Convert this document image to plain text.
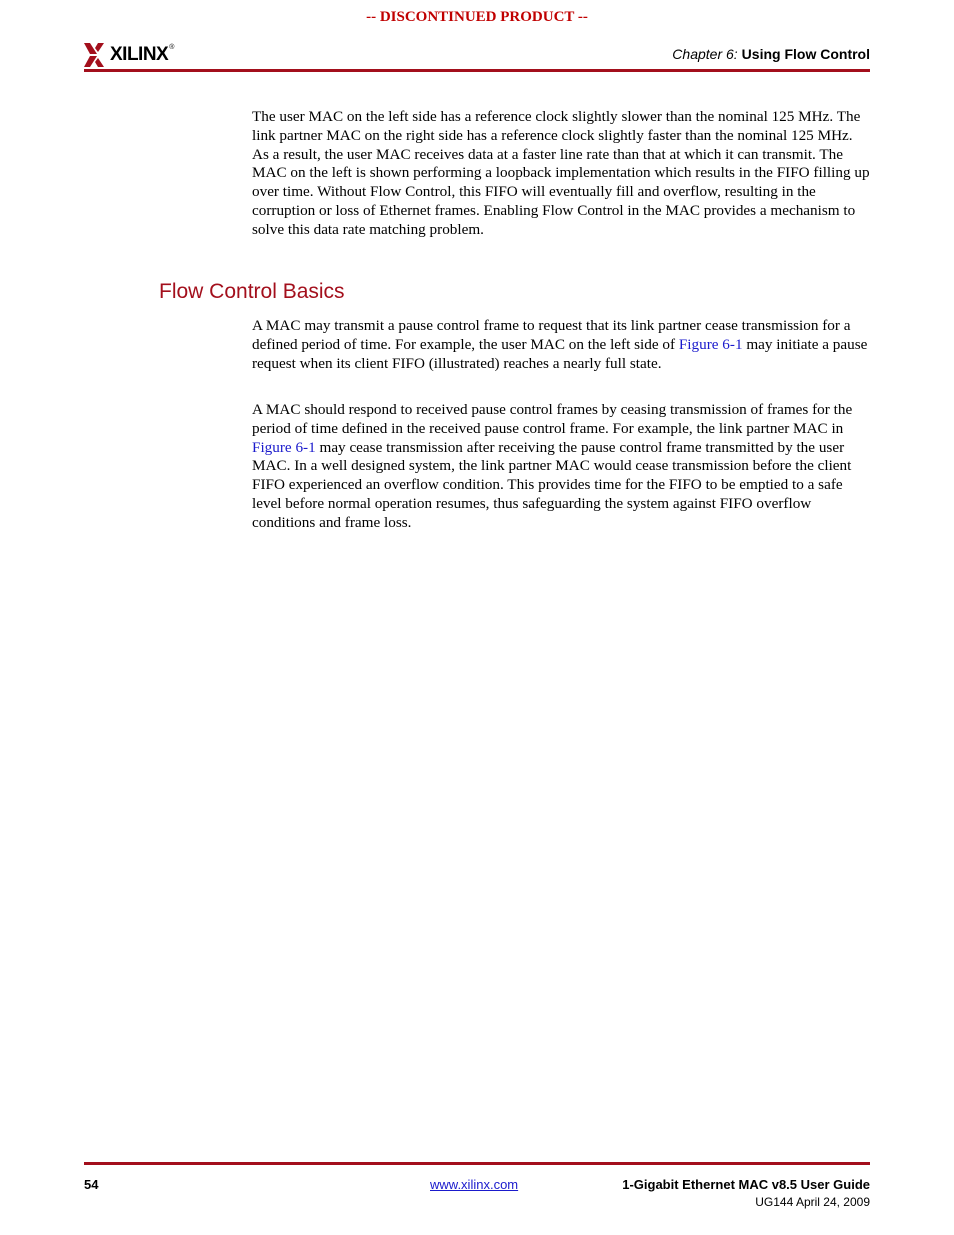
-- DISCONTINUED PRODUCT --
XILINX ®	Chapter 6: Using Flow Control

The user MAC on the left side has a reference clock slightly slower than the nominal 125 MHz. The link partner MAC on the right side has a reference clock slightly faster than the nominal 125 MHz. As a result, the user MAC receives data at a faster line rate than that at which it can transmit. The MAC on the left is shown performing a loopback implementation which results in the FIFO filling up over time. Without Flow Control, this FIFO will eventually fill and overflow, resulting in the corruption or loss of Ethernet frames. Enabling Flow Control in the MAC provides a mechanism to solve this data rate matching problem.

Flow Control Basics

A MAC may transmit a pause control frame to request that its link partner cease transmission for a defined period of time. For example, the user MAC on the left side of Figure 6-1 may initiate a pause request when its client FIFO (illustrated) reaches a nearly full state.

A MAC should respond to received pause control frames by ceasing transmission of frames for the period of time defined in the received pause control frame. For example, the link partner MAC in Figure 6-1 may cease transmission after receiving the pause control frame transmitted by the user MAC. In a well designed system, the link partner MAC would cease transmission before the client FIFO experienced an overflow condition. This provides time for the FIFO to be emptied to a safe level before normal operation resumes, thus safeguarding the system against FIFO overflow conditions and frame loss.

54	www.xilinx.com	1-Gigabit Ethernet MAC v8.5 User Guide
UG144 April 24, 2009
